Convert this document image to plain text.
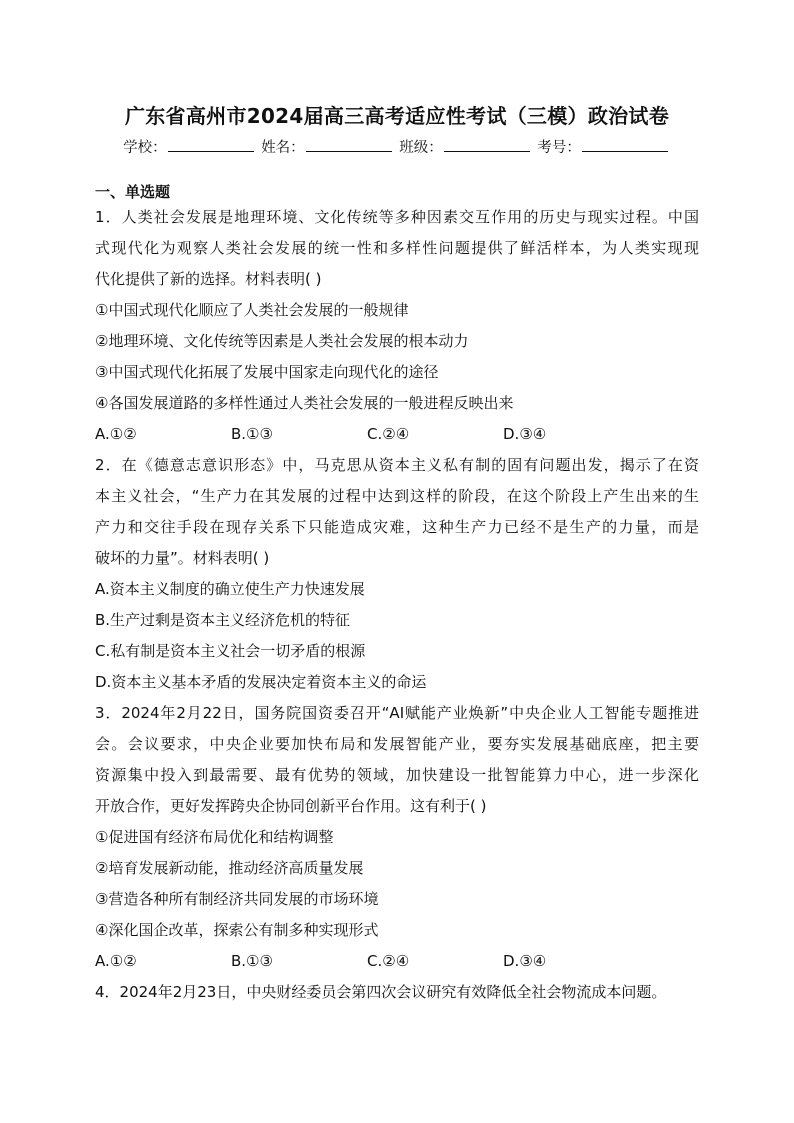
广东省高州市2024届高三高考适应性考试（三模）政治试卷
学校：	姓名：	班级：	考号：
一、单选题
1．人类社会发展是地理环境、文化传统等多种因素交互作用的历史与现实过程。中国
式现代化为观察人类社会发展的统一性和多样性问题提供了鲜活样本，为人类实现现
代化提供了新的选择。材料表明( )
①中国式现代化顺应了人类社会发展的一般规律
②地理环境、文化传统等因素是人类社会发展的根本动力
③中国式现代化拓展了发展中国家走向现代化的途径
④各国发展道路的多样性通过人类社会发展的一般进程反映出来
A.①②	B.①③	C.②④	D.③④
2．在《德意志意识形态》中，马克思从资本主义私有制的固有问题出发，揭示了在资
本主义社会，“生产力在其发展的过程中达到这样的阶段，在这个阶段上产生出来的生
产力和交往手段在现存关系下只能造成灾难，这种生产力已经不是生产的力量，而是
破坏的力量”。材料表明( )
A.资本主义制度的确立使生产力快速发展
B.生产过剩是资本主义经济危机的特征
C.私有制是资本主义社会一切矛盾的根源
D.资本主义基本矛盾的发展决定着资本主义的命运
3．2024年2月22日，国务院国资委召开“AI赋能产业焕新”中央企业人工智能专题推进
会。会议要求，中央企业要加快布局和发展智能产业，要夯实发展基础底座，把主要
资源集中投入到最需要、最有优势的领域，加快建设一批智能算力中心，进一步深化
开放合作，更好发挥跨央企协同创新平台作用。这有利于( )
①促进国有经济布局优化和结构调整
②培育发展新动能，推动经济高质量发展
③营造各种所有制经济共同发展的市场环境
④深化国企改革，探索公有制多种实现形式
A.①②	B.①③	C.②④	D.③④
4．2024年2月23日，中央财经委员会第四次会议研究有效降低全社会物流成本问题。
